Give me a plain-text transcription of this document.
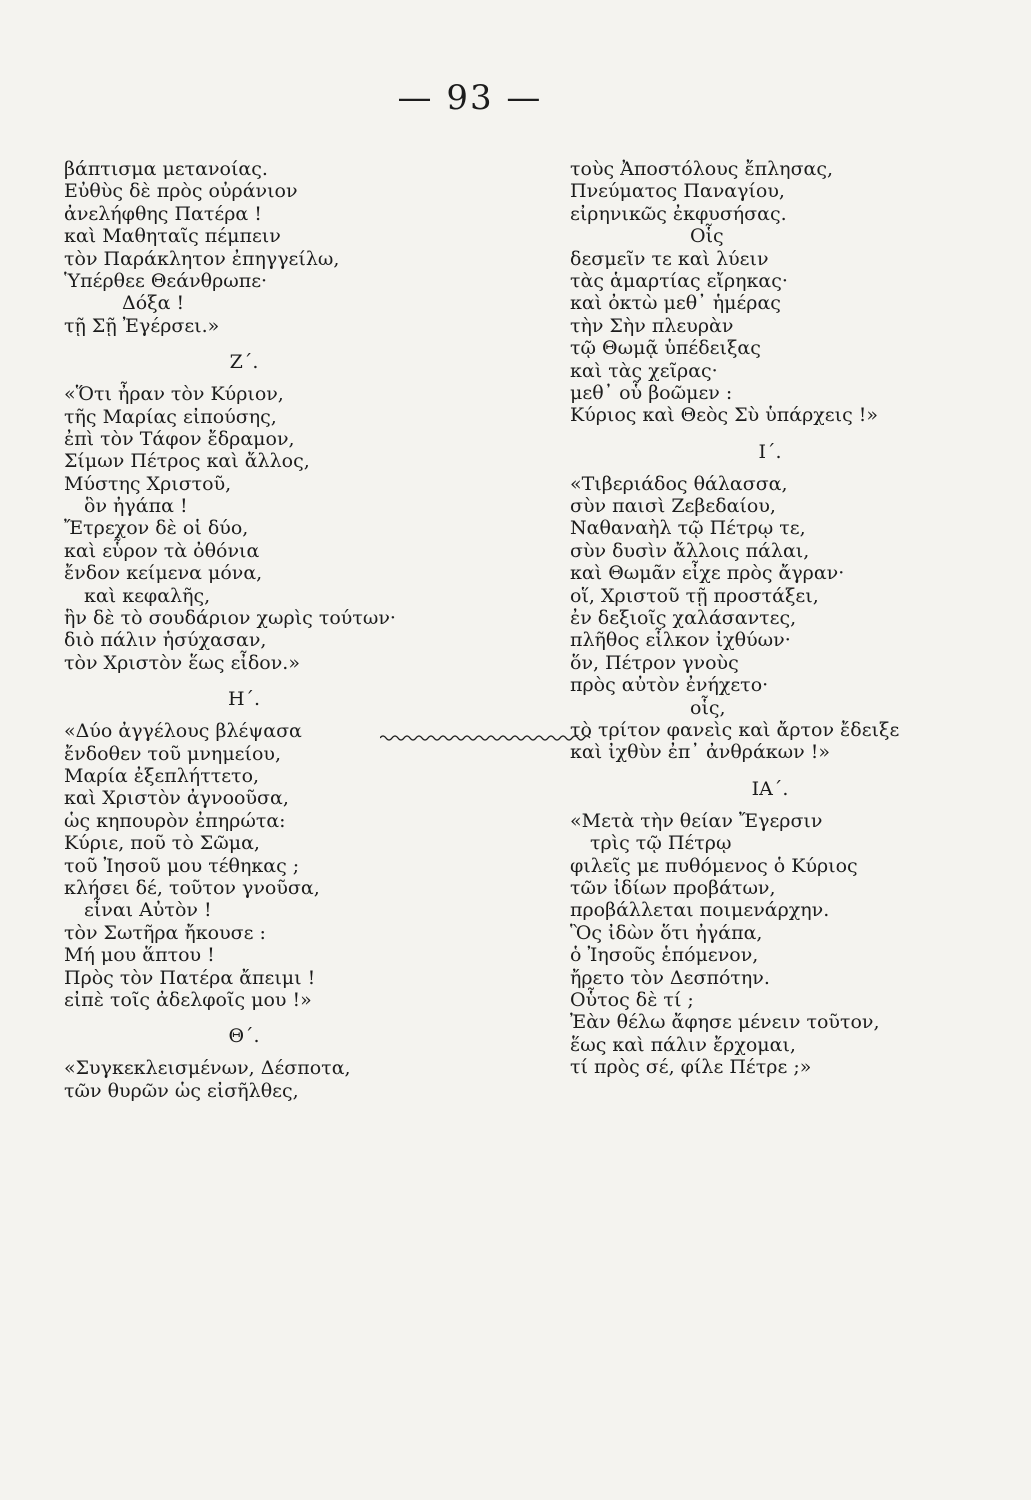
— 93 —
βάπτισμα μετανοίας.
Εὐθὺς δὲ πρὸς οὐράνιον
ἀνελήφθης Πατέρα !
καὶ Μαθηταῖς πέμπειν
τὸν Παράκλητον ἐπηγγείλω,
Ὑπέρθεε Θεάνθρωπε·
Δόξα !
τῇ Σῇ Ἐγέρσει.»
Ζ΄.
«Ὅτι ἦραν τὸν Κύριον,
τῆς Μαρίας εἰπούσης,
ἐπὶ τὸν Τάφον ἔδραμον,
Σίμων Πέτρος καὶ ἄλλος,
Μύστης Χριστοῦ,
ὃν ἠγάπα !
Ἔτρεχον δὲ οἱ δύο,
καὶ εὗρον τὰ ὀθόνια
ἔνδον κείμενα μόνα,
καὶ κεφαλῆς,
ἣν δὲ τὸ σουδάριον χωρὶς τούτων·
διὸ πάλιν ἡσύχασαν,
τὸν Χριστὸν ἕως εἶδον.»
Η΄.
«Δύο ἀγγέλους βλέψασα
ἔνδοθεν τοῦ μνημείου,
Μαρία ἐξεπλήττετο,
καὶ Χριστὸν ἀγνοοῦσα,
ὡς κηπουρὸν ἐπηρώτα:
Κύριε, ποῦ τὸ Σῶμα,
τοῦ Ἰησοῦ μου τέθηκας ;
κλήσει δέ, τοῦτον γνοῦσα,
εἶναι Αὐτὸν !
τὸν Σωτῆρα ἤκουσε :
Μή μου ἅπτου !
Πρὸς τὸν Πατέρα ἄπειμι !
εἰπὲ τοῖς ἀδελφοῖς μου !»
Θ΄.
«Συγκεκλεισμένων, Δέσποτα,
τῶν θυρῶν ὡς εἰσῆλθες,
τοὺς Ἀποστόλους ἔπλησας,
Πνεύματος Παναγίου,
εἰρηνικῶς ἐκφυσήσας.
Οἷς
δεσμεῖν τε καὶ λύειν
τὰς ἁμαρτίας εἴρηκας·
καὶ ὀκτὼ μεθ᾽ ἡμέρας
τὴν Σὴν πλευρὰν
τῷ Θωμᾷ ὑπέδειξας
καὶ τὰς χεῖρας·
μεθ᾽ οὗ βοῶμεν :
Κύριος καὶ Θεὸς Σὺ ὑπάρχεις !»
Ι΄.
«Τιβεριάδος θάλασσα,
σὺν παισὶ Ζεβεδαίου,
Ναθαναὴλ τῷ Πέτρῳ τε,
σὺν δυσὶν ἄλλοις πάλαι,
καὶ Θωμᾶν εἶχε πρὸς ἄγραν·
οἵ, Χριστοῦ τῇ προστάξει,
ἐν δεξιοῖς χαλάσαντες,
πλῆθος εἷλκον ἰχθύων·
ὅν, Πέτρον γνοὺς
πρὸς αὐτὸν ἐνήχετο·
οἷς,
τὸ τρίτον φανεὶς καὶ ἄρτον ἔδειξε
καὶ ἰχθὺν ἐπ᾽ ἀνθράκων !»
ΙΑ΄.
«Μετὰ τὴν θείαν Ἔγερσιν
τρὶς τῷ Πέτρῳ
φιλεῖς με πυθόμενος ὁ Κύριος
τῶν ἰδίων προβάτων,
προβάλλεται ποιμενάρχην.
Ὃς ἰδὼν ὅτι ἠγάπα,
ὁ Ἰησοῦς ἑπόμενον,
ἤρετο τὸν Δεσπότην.
Οὗτος δὲ τί ;
Ἐὰν θέλω ἄφησε μένειν τοῦτον,
ἕως καὶ πάλιν ἔρχομαι,
τί πρὸς σέ, φίλε Πέτρε ;»
